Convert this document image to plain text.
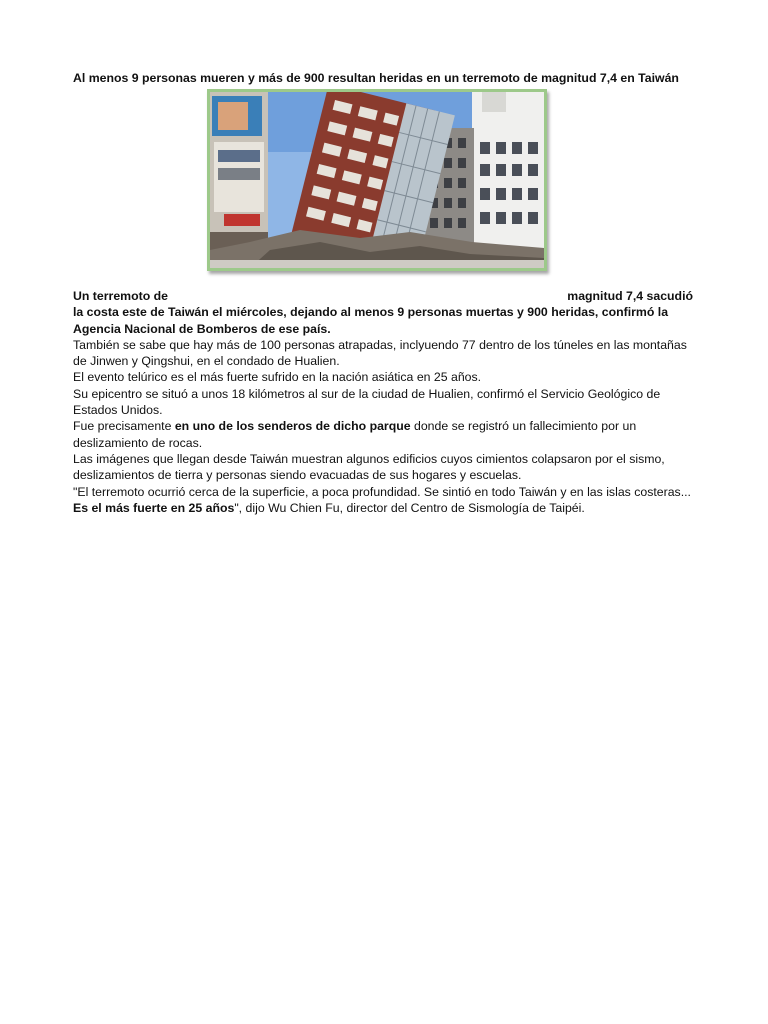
Al menos 9 personas mueren y más de 900 resultan heridas en un terremoto de magnitud 7,4 en Taiwán

Un terremoto de	magnitud 7,4 sacudió
la costa este de Taiwán el miércoles, dejando al menos 9 personas muertas y 900 heridas, confirmó la Agencia Nacional de Bomberos de ese país.

También se sabe que hay más de 100 personas atrapadas, inclyuendo 77 dentro de los túneles en las montañas de Jinwen y Qingshui, en el condado de Hualien.

El evento telúrico es el más fuerte sufrido en la nación asiática en 25 años.

Su epicentro se situó a unos 18 kilómetros al sur de la ciudad de Hualien, confirmó el Servicio Geológico de Estados Unidos.

Fue precisamente en uno de los senderos de dicho parque donde se registró un fallecimiento por un deslizamiento de rocas.

Las imágenes que llegan desde Taiwán muestran algunos edificios cuyos cimientos colapsaron por el sismo, deslizamientos de tierra y personas siendo evacuadas de sus hogares y escuelas.

"El terremoto ocurrió cerca de la superficie, a poca profundidad. Se sintió en todo Taiwán y en las islas costeras... Es el más fuerte en 25 años", dijo Wu Chien Fu, director del Centro de Sismología de Taipéi.
